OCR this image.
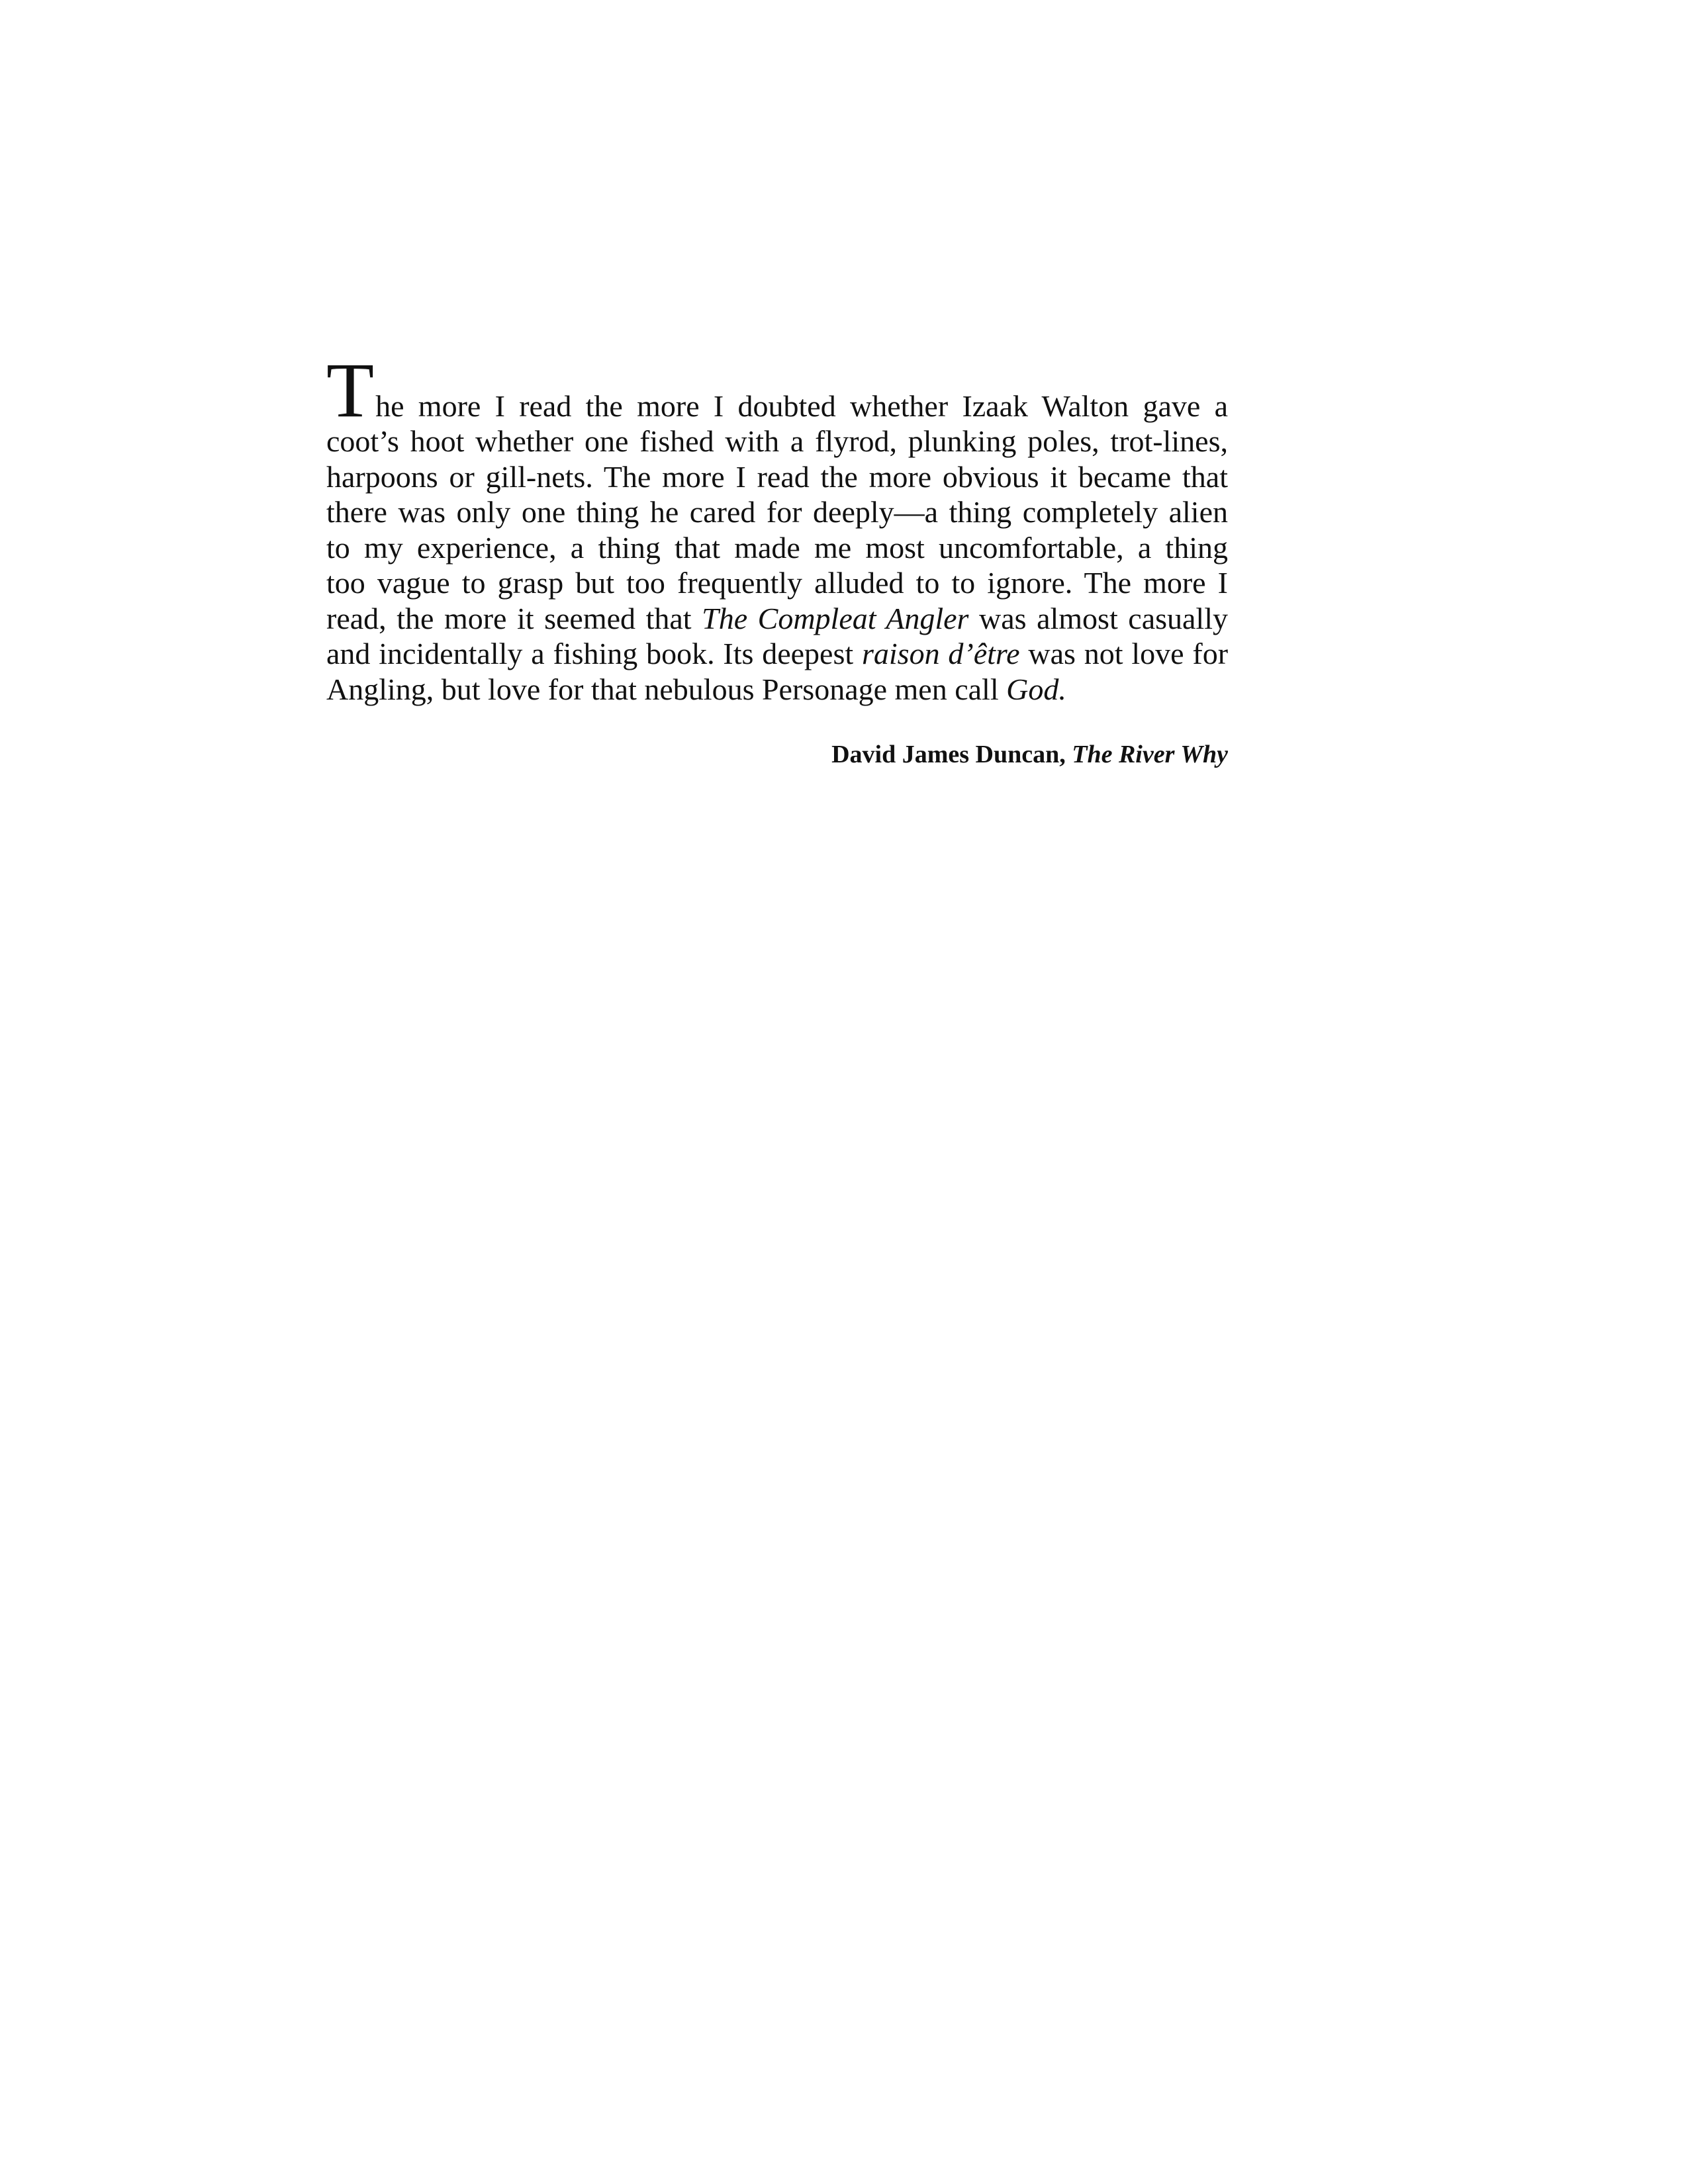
The more I read the more I doubted whether Izaak Walton gave a
coot’s hoot whether one fished with a flyrod, plunking poles, trot-lines,
harpoons or gill-nets. The more I read the more obvious it became that
there was only one thing he cared for deeply—a thing completely alien
to my experience, a thing that made me most uncomfortable, a thing
too vague to grasp but too frequently alluded to to ignore. The more I
read, the more it seemed that The Compleat Angler was almost casually
and incidentally a fishing book. Its deepest raison d’être was not love for
Angling, but love for that nebulous Personage men call God.
David James Duncan, The River Why
